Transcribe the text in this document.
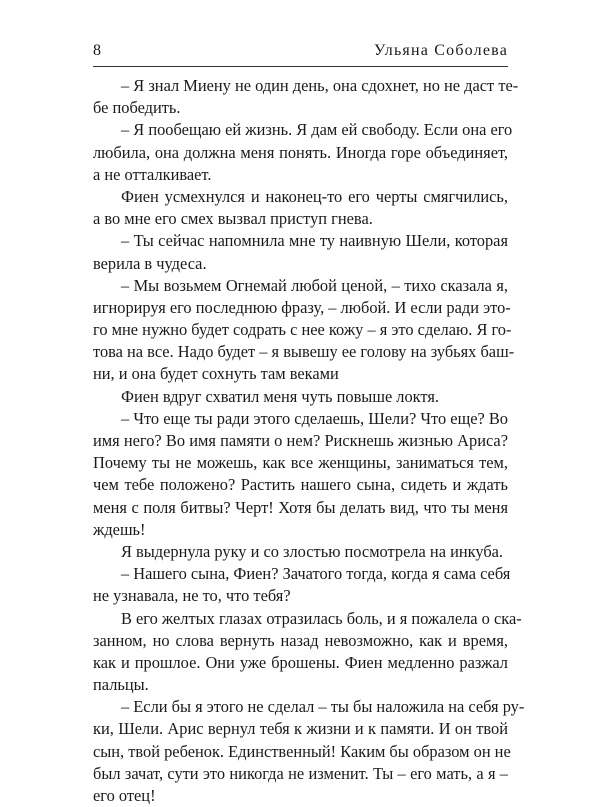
8	Ульяна Соболева
– Я знал Миену не один день, она сдохнет, но не даст те-
бе победить.
– Я пообещаю ей жизнь. Я дам ей свободу. Если она его
любила, она должна меня понять. Иногда горе объединяет,
а не отталкивает.
Фиен усмехнулся и наконец-то его черты смягчились,
а во мне его смех вызвал приступ гнева.
– Ты сейчас напомнила мне ту наивную Шели, которая
верила в чудеса.
– Мы возьмем Огнемай любой ценой, – тихо сказала я,
игнорируя его последнюю фразу, – любой. И если ради это-
го мне нужно будет содрать с нее кожу – я это сделаю. Я го-
това на все. Надо будет – я вывешу ее голову на зубьях баш-
ни, и она будет сохнуть там веками
Фиен вдруг схватил меня чуть повыше локтя.
– Что еще ты ради этого сделаешь, Шели? Что еще? Во
имя него? Во имя памяти о нем? Рискнешь жизнью Ариса?
Почему ты не можешь, как все женщины, заниматься тем,
чем тебе положено? Растить нашего сына, сидеть и ждать
меня с поля битвы? Черт! Хотя бы делать вид, что ты меня
ждешь!
Я выдернула руку и со злостью посмотрела на инкуба.
– Нашего сына, Фиен? Зачатого тогда, когда я сама себя
не узнавала, не то, что тебя?
В его желтых глазах отразилась боль, и я пожалела о ска-
занном, но слова вернуть назад невозможно, как и время,
как и прошлое. Они уже брошены. Фиен медленно разжал
пальцы.
– Если бы я этого не сделал – ты бы наложила на себя ру-
ки, Шели. Арис вернул тебя к жизни и к памяти. И он твой
сын, твой ребенок. Единственный! Каким бы образом он не
был зачат, сути это никогда не изменит. Ты – его мать, а я –
его отец!
